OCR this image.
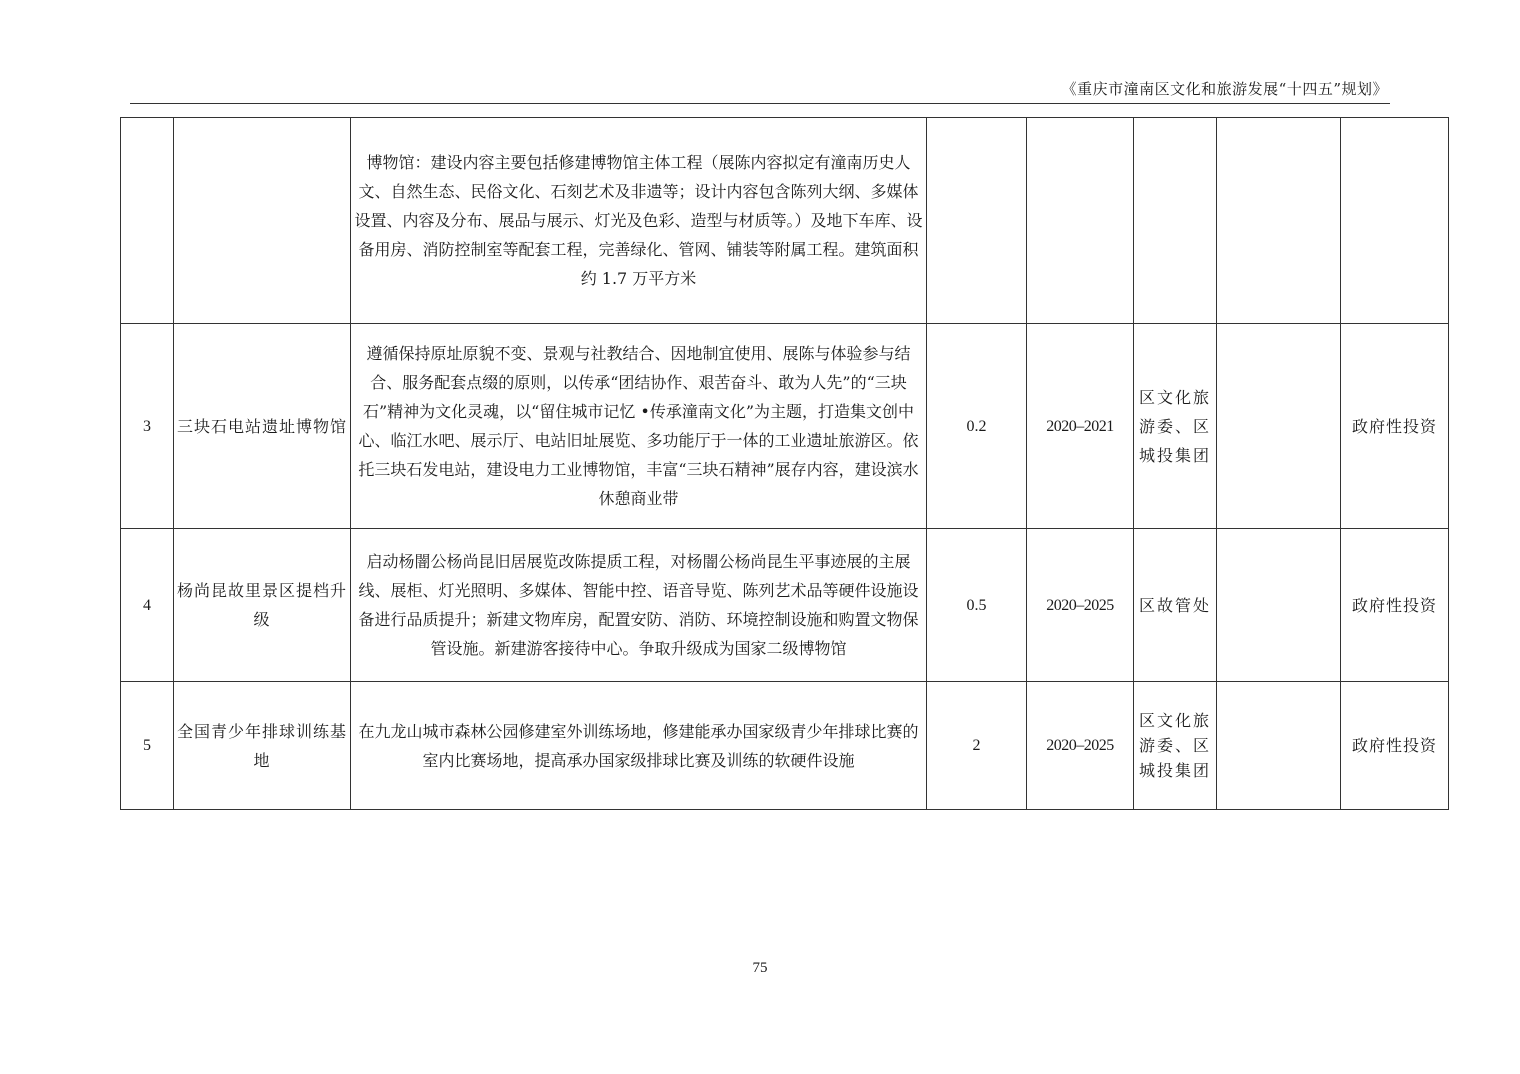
《重庆市潼南区文化和旅游发展“十四五”规划》
		博物馆：建设内容主要包括修建博物馆主体工程（展陈内容拟定有潼南历史人文、自然生态、民俗文化、石刻艺术及非遗等；设计内容包含陈列大纲、多媒体设置、内容及分布、展品与展示、灯光及色彩、造型与材质等。）及地下车库、设备用房、消防控制室等配套工程，完善绿化、管网、铺装等附属工程。建筑面积约 1.7 万平方米					
3	三块石电站遗址博物馆	遵循保持原址原貌不变、景观与社教结合、因地制宜使用、展陈与体验参与结合、服务配套点缀的原则，以传承“团结协作、艰苦奋斗、敢为人先”的“三块石”精神为文化灵魂，以“留住城市记忆 •传承潼南文化”为主题，打造集文创中心、临江水吧、展示厅、电站旧址展览、多功能厅于一体的工业遗址旅游区。依托三块石发电站，建设电力工业博物馆，丰富“三块石精神”展存内容，建设滨水休憩商业带	0.2	2020–2021	区文化旅游委、区城投集团		政府性投资
4	杨尚昆故里景区提档升级	启动杨闇公杨尚昆旧居展览改陈提质工程，对杨闇公杨尚昆生平事迹展的主展线、展柜、灯光照明、多媒体、智能中控、语音导览、陈列艺术品等硬件设施设备进行品质提升；新建文物库房，配置安防、消防、环境控制设施和购置文物保管设施。新建游客接待中心。争取升级成为国家二级博物馆	0.5	2020–2025	区故管处		政府性投资
5	全国青少年排球训练基地	在九龙山城市森林公园修建室外训练场地，修建能承办国家级青少年排球比赛的室内比赛场地，提高承办国家级排球比赛及训练的软硬件设施	2	2020–2025	区文化旅游委、区城投集团		政府性投资
75
